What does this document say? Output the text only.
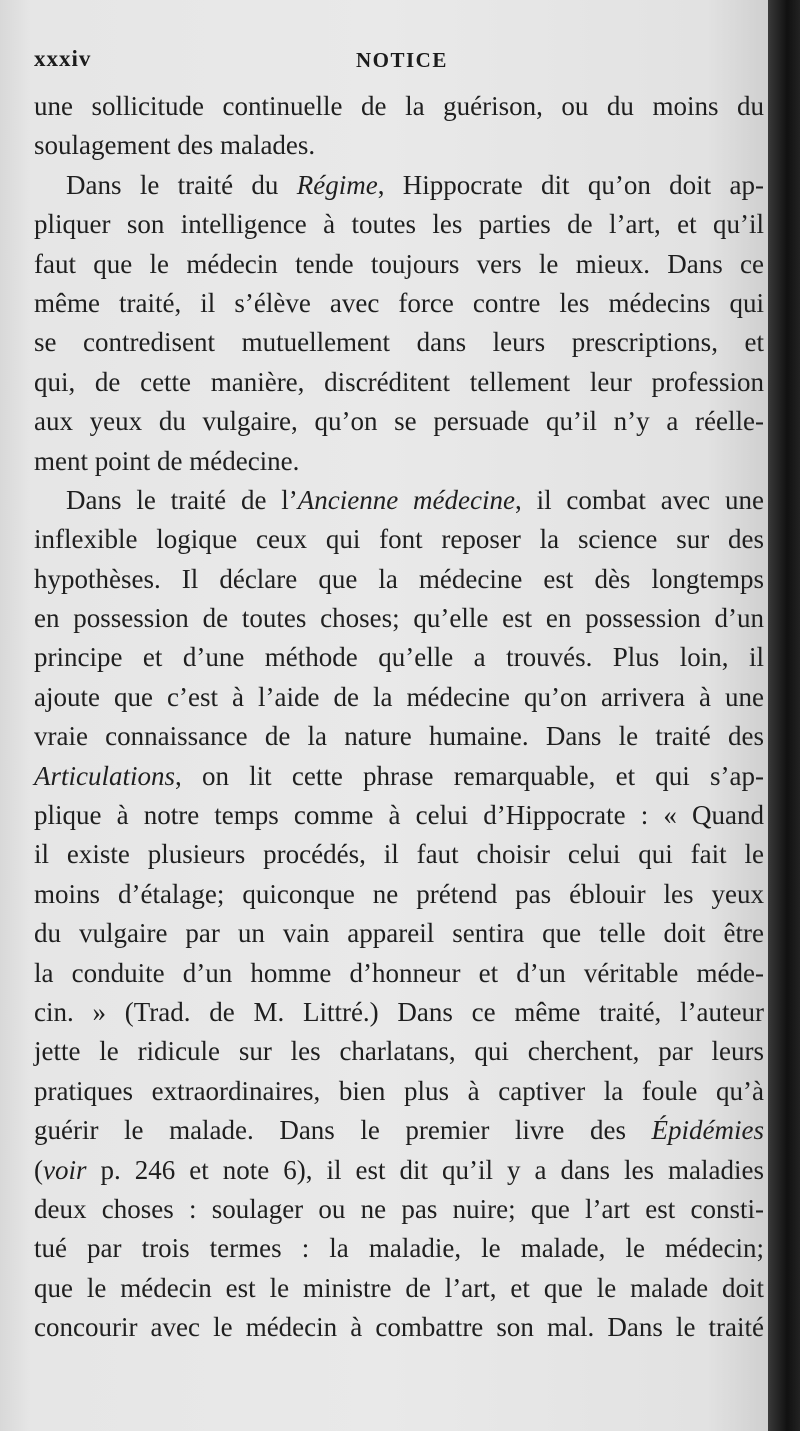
xxxiv	NOTICE
une sollicitude continuelle de la guérison, ou du moins du
soulagement des malades.
Dans le traité du Régime, Hippocrate dit qu’on doit ap-
pliquer son intelligence à toutes les parties de l’art, et qu’il
faut que le médecin tende toujours vers le mieux. Dans ce
même traité, il s’élève avec force contre les médecins qui
se contredisent mutuellement dans leurs prescriptions, et
qui, de cette manière, discréditent tellement leur profession
aux yeux du vulgaire, qu’on se persuade qu’il n’y a réelle-
ment point de médecine.
Dans le traité de l’Ancienne médecine, il combat avec une
inflexible logique ceux qui font reposer la science sur des
hypothèses. Il déclare que la médecine est dès longtemps
en possession de toutes choses; qu’elle est en possession d’un
principe et d’une méthode qu’elle a trouvés. Plus loin, il
ajoute que c’est à l’aide de la médecine qu’on arrivera à une
vraie connaissance de la nature humaine. Dans le traité des
Articulations, on lit cette phrase remarquable, et qui s’ap-
plique à notre temps comme à celui d’Hippocrate : « Quand
il existe plusieurs procédés, il faut choisir celui qui fait le
moins d’étalage; quiconque ne prétend pas éblouir les yeux
du vulgaire par un vain appareil sentira que telle doit être
la conduite d’un homme d’honneur et d’un véritable méde-
cin. » (Trad. de M. Littré.) Dans ce même traité, l’auteur
jette le ridicule sur les charlatans, qui cherchent, par leurs
pratiques extraordinaires, bien plus à captiver la foule qu’à
guérir le malade. Dans le premier livre des Épidémies
(voir p. 246 et note 6), il est dit qu’il y a dans les maladies
deux choses : soulager ou ne pas nuire; que l’art est consti-
tué par trois termes : la maladie, le malade, le médecin;
que le médecin est le ministre de l’art, et que le malade doit
concourir avec le médecin à combattre son mal. Dans le traité
